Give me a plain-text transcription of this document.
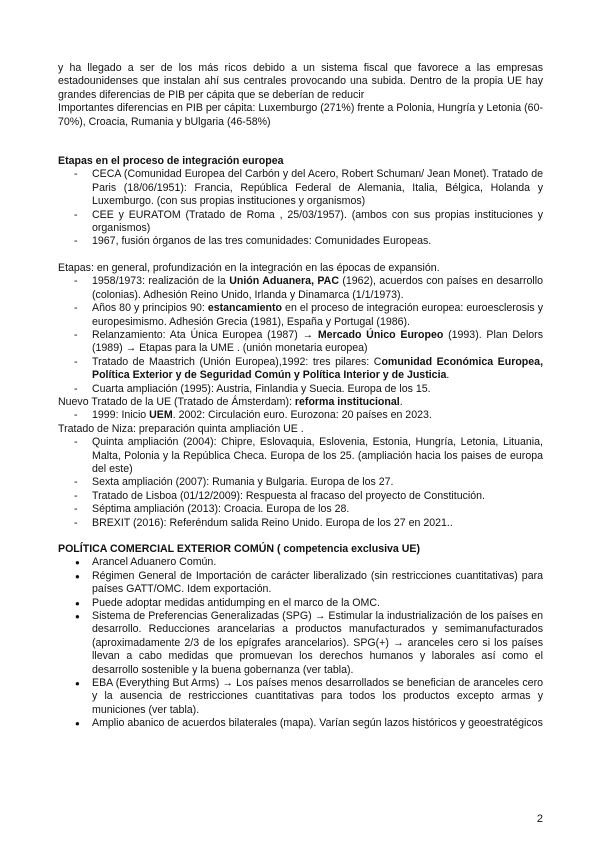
y ha llegado a ser de los más ricos debido a un sistema fiscal que favorece a las empresas estadounidenses que instalan ahí sus centrales provocando una subida. Dentro de la propia UE hay grandes diferencias de PIB per cápita que se deberían de reducir

Importantes diferencias en PIB per cápita: Luxemburgo (271%) frente a Polonia, Hungría y Letonia (60-70%), Croacia, Rumania y bUlgaria (46-58%)

Etapas en el proceso de integración europea

- CECA (Comunidad Europea del Carbón y del Acero, Robert Schuman/ Jean Monet). Tratado de Paris (18/06/1951): Francia, República Federal de Alemania, Italia, Bélgica, Holanda y Luxemburgo. (con sus propias instituciones y organismos)
- CEE y EURATOM (Tratado de Roma , 25/03/1957). (ambos con sus propias instituciones y organismos)
- 1967, fusión órganos de las tres comunidades: Comunidades Europeas.

Etapas: en general, profundización en la integración en las épocas de expansión.

- 1958/1973: realización de la Unión Aduanera, PAC (1962), acuerdos con países en desarrollo (colonias). Adhesión Reino Unido, Irlanda y Dinamarca (1/1/1973).
- Años 80 y principios 90: estancamiento en el proceso de integración europea: euroesclerosis y europesimismo. Adhesión Grecia (1981), España y Portugal (1986).
- Relanzamiento: Ata Única Europea (1987) → Mercado Único Europeo (1993). Plan Delors (1989) → Etapas para la UME . (unión monetaria europea)
- Tratado de Maastrich (Unión Europea),1992: tres pilares: Comunidad Económica Europea, Política Exterior y de Seguridad Común y Política Interior y de Justicia.
- Cuarta ampliación (1995): Austria, Finlandia y Suecia. Europa de los 15.

Nuevo Tratado de la UE (Tratado de Ámsterdam): reforma institucional.

- 1999: Inicio UEM. 2002: Circulación euro. Eurozona: 20 países en 2023.

Tratado de Niza: preparación quinta ampliación UE .

- Quinta ampliación (2004): Chipre, Eslovaquia, Eslovenia, Estonia, Hungría, Letonia, Lituania, Malta, Polonia y la República Checa. Europa de los 25. (ampliación hacia los paises de europa del este)
- Sexta ampliación (2007): Rumania y Bulgaria. Europa de los 27.
- Tratado de Lisboa (01/12/2009): Respuesta al fracaso del proyecto de Constitución.
- Séptima ampliación (2013): Croacia. Europa de los 28.
- BREXIT (2016): Referéndum salida Reino Unido. Europa de los 27 en 2021..

POLÍTICA COMERCIAL EXTERIOR COMÚN ( competencia exclusiva UE)

● Arancel Aduanero Común.
● Régimen General de Importación de carácter liberalizado (sin restricciones cuantitativas) para países GATT/OMC. Idem exportación.
● Puede adoptar medidas antidumping en el marco de la OMC.
● Sistema de Preferencias Generalizadas (SPG) → Estimular la industrialización de los países en desarrollo. Reducciones arancelarias a productos manufacturados y semimanufacturados (aproximadamente 2/3 de los epígrafes arancelarios). SPG(+) → aranceles cero si los países llevan a cabo medidas que promuevan los derechos humanos y laborales así como el desarrollo sostenible y la buena gobernanza (ver tabla).
● EBA (Everything But Arms) → Los países menos desarrollados se benefician de aranceles cero y la ausencia de restricciones cuantitativas para todos los productos excepto armas y municiones (ver tabla).
● Amplio abanico de acuerdos bilaterales (mapa). Varían según lazos históricos y geoestratégicos
2
